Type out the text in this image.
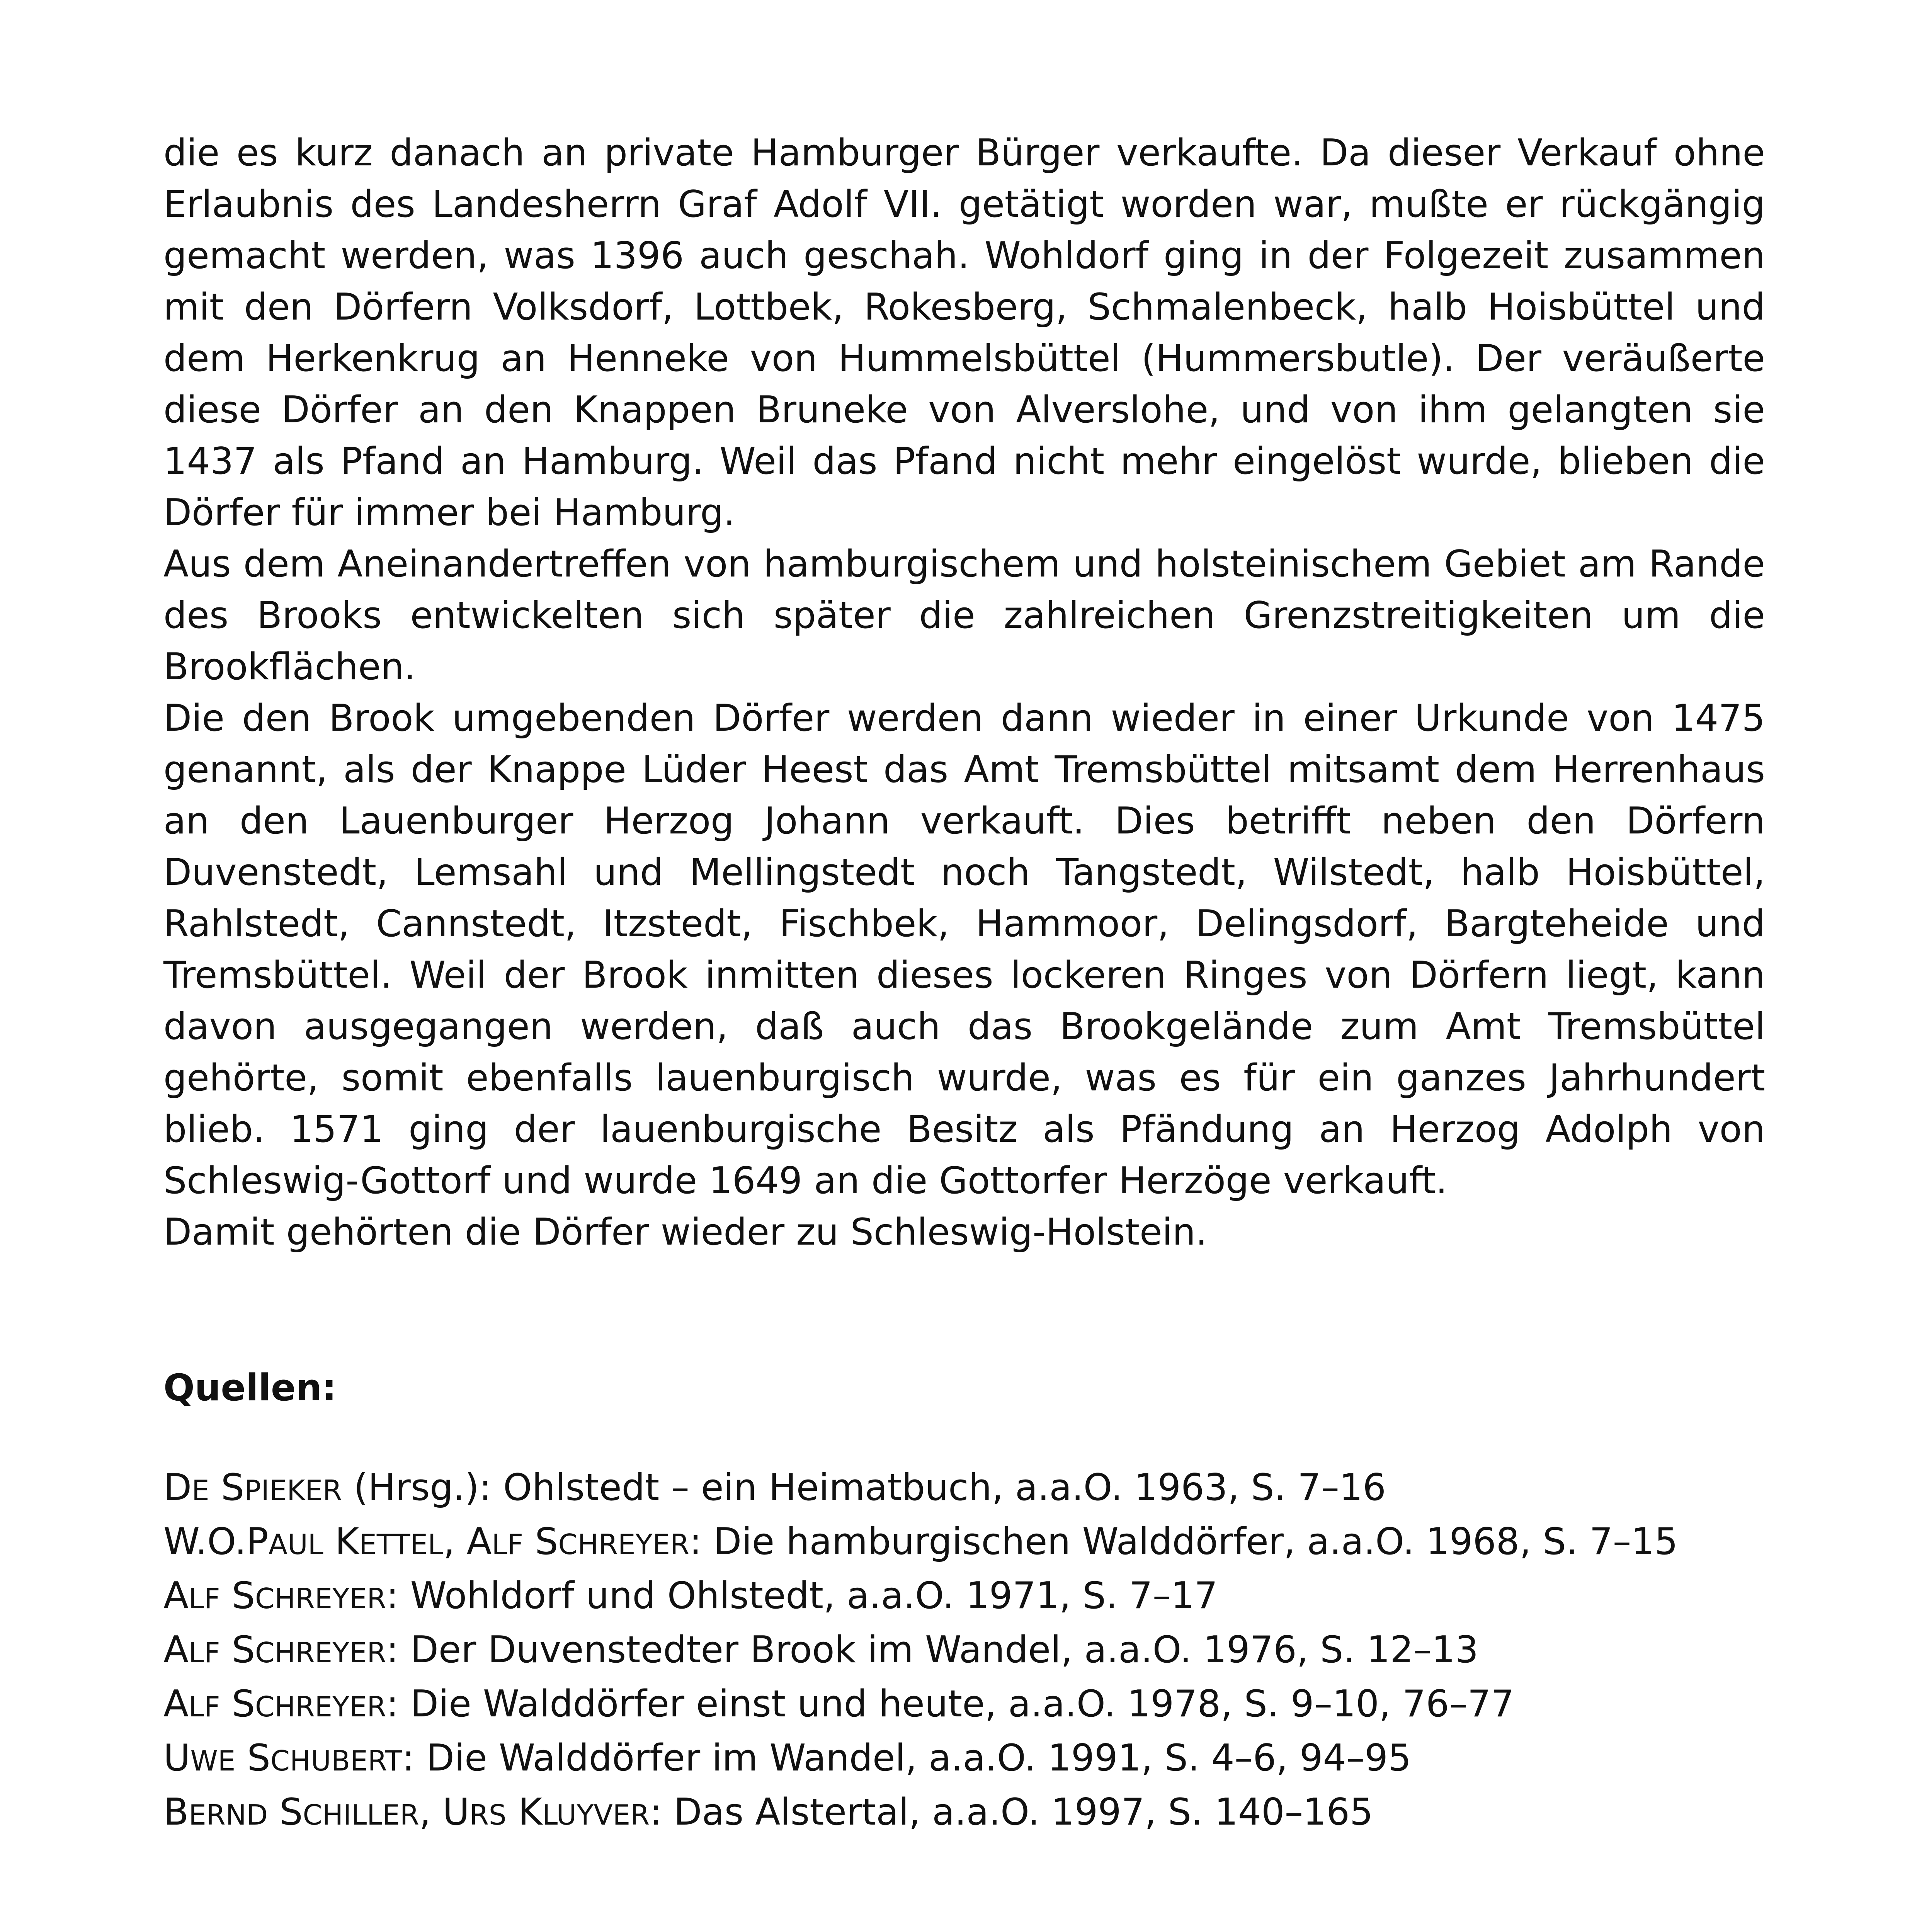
die es kurz danach an private Hamburger Bürger verkaufte. Da dieser Verkauf ohne Erlaubnis des Landesherrn Graf Adolf VII. getätigt worden war, mußte er rückgängig gemacht werden, was 1396 auch geschah. Wohldorf ging in der Folgezeit zusammen mit den Dörfern Volksdorf, Lottbek, Rokesberg, Schmalenbeck, halb Hoisbüttel und dem Herkenkrug an Henneke von Hummelsbüttel (Hummersbutle). Der veräußerte diese Dörfer an den Knappen Bruneke von Alverslohe, und von ihm gelangten sie 1437 als Pfand an Hamburg. Weil das Pfand nicht mehr eingelöst wurde, blieben die Dörfer für immer bei Hamburg.

Aus dem Aneinandertreffen von hamburgischem und holsteinischem Gebiet am Rande des Brooks entwickelten sich später die zahlreichen Grenzstreitigkeiten um die Brookflächen.

Die den Brook umgebenden Dörfer werden dann wieder in einer Urkunde von 1475 genannt, als der Knappe Lüder Heest das Amt Tremsbüttel mitsamt dem Herrenhaus an den Lauenburger Herzog Johann verkauft. Dies betrifft neben den Dörfern Duvenstedt, Lemsahl und Mellingstedt noch Tangstedt, Wilstedt, halb Hoisbüttel, Rahlstedt, Cannstedt, Itzstedt, Fischbek, Hammoor, Delingsdorf, Bargteheide und Tremsbüttel. Weil der Brook inmitten dieses lockeren Ringes von Dörfern liegt, kann davon ausgegangen werden, daß auch das Brookgelände zum Amt Tremsbüttel gehörte, somit ebenfalls lauenburgisch wurde, was es für ein ganzes Jahrhundert blieb. 1571 ging der lauenburgische Besitz als Pfändung an Herzog Adolph von Schleswig-Gottorf und wurde 1649 an die Gottorfer Herzöge verkauft.

Damit gehörten die Dörfer wieder zu Schleswig-Holstein.

Quellen:

DE SPIEKER (Hrsg.): Ohlstedt – ein Heimatbuch, a.a.O. 1963, S. 7–16
W.O.PAUL KETTEL, ALF SCHREYER: Die hamburgischen Walddörfer, a.a.O. 1968, S. 7–15
ALF SCHREYER: Wohldorf und Ohlstedt, a.a.O. 1971, S. 7–17
ALF SCHREYER: Der Duvenstedter Brook im Wandel, a.a.O. 1976, S. 12–13
ALF SCHREYER: Die Walddörfer einst und heute, a.a.O. 1978, S. 9–10, 76–77
UWE SCHUBERT: Die Walddörfer im Wandel, a.a.O. 1991, S. 4–6, 94–95
BERND SCHILLER, URS KLUYVER: Das Alstertal, a.a.O. 1997, S. 140–165
